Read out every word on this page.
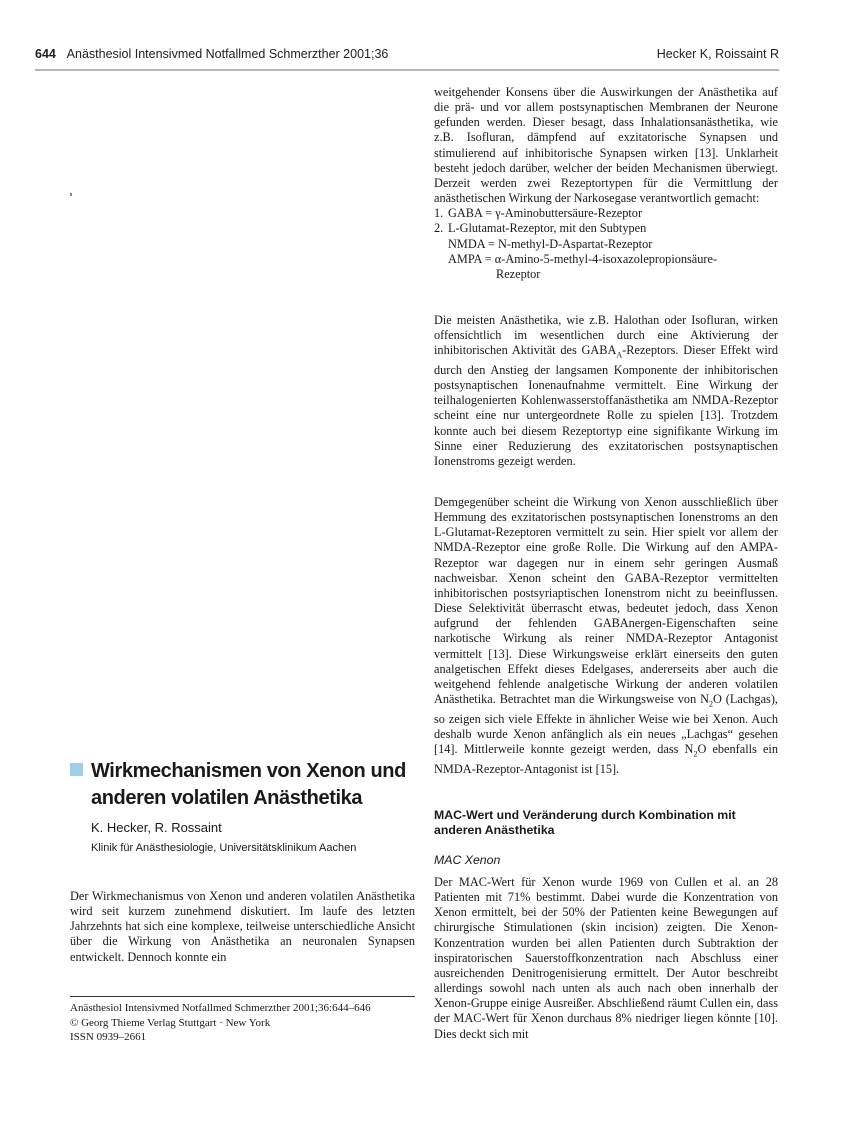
644 Anästhesiol Intensivmed Notfallmed Schmerzther 2001;36	Hecker K, Roissaint R

weitgehender Konsens über die Auswirkungen der Anästhetika auf die prä- und vor allem postsynaptischen Membranen der Neurone gefunden werden. Dieser besagt, dass Inhalationsanästhetika, wie z.B. Isofluran, dämpfend auf exzitatorische Synapsen und stimulierend auf inhibitorische Synapsen wirken [13]. Unklarheit besteht jedoch darüber, welcher der beiden Mechanismen überwiegt. Derzeit werden zwei Rezeptortypen für die Vermittlung der anästhetischen Wirkung der Narkosegase verantwortlich gemacht:

1. GABA = γ-Aminobuttersäure-Rezeptor
2. L-Glutamat-Rezeptor, mit den Subtypen
NMDA = N-methyl-D-Aspartat-Rezeptor
AMPA = α-Amino-5-methyl-4-isoxazolepropionsäure-
Rezeptor

Die meisten Anästhetika, wie z.B. Halothan oder Isofluran, wirken offensichtlich im wesentlichen durch eine Aktivierung der inhibitorischen Aktivität des $GABA_A$-Rezeptors. Dieser Effekt wird durch den Anstieg der langsamen Komponente der inhibitorischen postsynaptischen Ionenaufnahme vermittelt. Eine Wirkung der teilhalogenierten Kohlenwasserstoffanästhetika am NMDA-Rezeptor scheint eine nur untergeordnete Rolle zu spielen [13]. Trotzdem konnte auch bei diesem Rezeptortyp eine signifikante Wirkung im Sinne einer Reduzierung des exzitatorischen postsynaptischen Ionenstroms gezeigt werden.

Demgegenüber scheint die Wirkung von Xenon ausschließlich über Hemmung des exzitatorischen postsynaptischen Ionenstroms an den L-Glutamat-Rezeptoren vermittelt zu sein. Hier spielt vor allem der NMDA-Rezeptor eine große Rolle. Die Wirkung auf den AMPA-Rezeptor war dagegen nur in einem sehr geringen Ausmaß nachweisbar. Xenon scheint den GABA-Rezeptor vermittelten inhibitorischen postsyriaptischen Ionenstrom nicht zu beeinflussen. Diese Selektivität überrascht etwas, bedeutet jedoch, dass Xenon aufgrund der fehlenden GABAnergen-Eigenschaften seine narkotische Wirkung als reiner NMDA-Rezeptor Antagonist vermittelt [13]. Diese Wirkungsweise erklärt einerseits den guten analgetischen Effekt dieses Edelgases, andererseits aber auch die weitgehend fehlende analgetische Wirkung der anderen volatilen Anästhetika. Betrachtet man die Wirkungsweise von $N_2O$ (Lachgas), so zeigen sich viele Effekte in ähnlicher Weise wie bei Xenon. Auch deshalb wurde Xenon anfänglich als ein neues „Lachgas“ gesehen [14]. Mittlerweile konnte gezeigt werden, dass $N_2O$ ebenfalls ein NMDA-Rezeptor-Antagonist ist [15].

MAC-Wert und Veränderung durch Kombination mit anderen Anästhetika
MAC Xenon

Der MAC-Wert für Xenon wurde 1969 von Cullen et al. an 28 Patienten mit 71% bestimmt. Dabei wurde die Konzentration von Xenon ermittelt, bei der 50% der Patienten keine Bewegungen auf chirurgische Stimulationen (skin incision) zeigten. Die Xenon-Konzentration wurden bei allen Patienten durch Subtraktion der inspiratorischen Sauerstoffkonzentration nach Abschluss einer ausreichenden Denitrogenisierung ermittelt. Der Autor beschreibt allerdings sowohl nach unten als auch nach oben innerhalb der Xenon-Gruppe einige Ausreißer. Abschließend räumt Cullen ein, dass der MAC-Wert für Xenon durchaus 8% niedriger liegen könnte [10]. Dies deckt sich mit

Wirkmechanismen von Xenon und
anderen volatilen Anästhetika
K. Hecker, R. Rossaint
Klinik für Anästhesiologie, Universitätsklinikum Aachen
Der Wirkmechanismus von Xenon und anderen volatilen Anästhetika wird seit kurzem zunehmend diskutiert. Im laufe des letzten Jahrzehnts hat sich eine komplexe, teilweise unterschiedliche Ansicht über die Wirkung von Anästhetika an neuronalen Synapsen entwickelt. Dennoch konnte ein
Anästhesiol Intensivmed Notfallmed Schmerzther 2001;36:644–646
© Georg Thieme Verlag Stuttgart · New York
ISSN 0939–2661
